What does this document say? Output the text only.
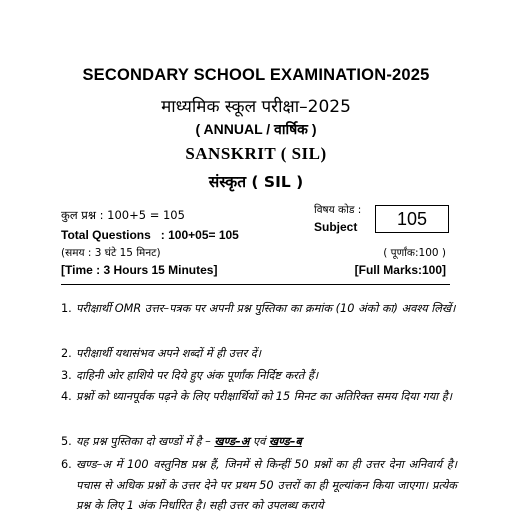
SECONDARY SCHOOL EXAMINATION-2025
माध्यमिक स्कूल परीक्षा–2025
( ANNUAL / वार्षिक )
SANSKRIT ( SIL)
संस्कृत ( SIL )
कुल प्रश्न : 100+5 = 105
Total Questions   : 100+05= 105
(समय : 3 घंटे 15 मिनट)
[Time : 3 Hours 15 Minutes]
विषय कोड :
Subject	105
( पूर्णांक:100 )
[Full Marks:100]
1. परीक्षार्थी OMR उत्तर–पत्रक पर अपनी प्रश्न पुस्तिका का क्रमांक (10 अंको का) अवश्य लिखें।
2. परीक्षार्थी यथासंभव अपने शब्दों में ही उत्तर दें।
3. दाहिनी ओर हाशिये पर दिये हुए अंक पूर्णांक निर्दिष्ट करते हैं।
4. प्रश्नों को ध्यानपूर्वक पढ़ने के लिए परीक्षार्थियों को 15 मिनट का अतिरिक्त समय दिया गया है।
5. यह प्रश्न पुस्तिका दो खण्डों में है – खण्ड–अ एवं खण्ड–ब
6. खण्ड–अ में 100 वस्तुनिष्ठ प्रश्न हैं, जिनमें से किन्हीं 50 प्रश्नों का ही उत्तर देना अनिवार्य है। पचास से अधिक प्रश्नों के उत्तर देने पर प्रथम 50 उत्तरों का ही मूल्यांकन किया जाएगा। प्रत्येक प्रश्न के लिए 1 अंक निर्धारित है। सही उत्तर को उपलब्ध कराये
